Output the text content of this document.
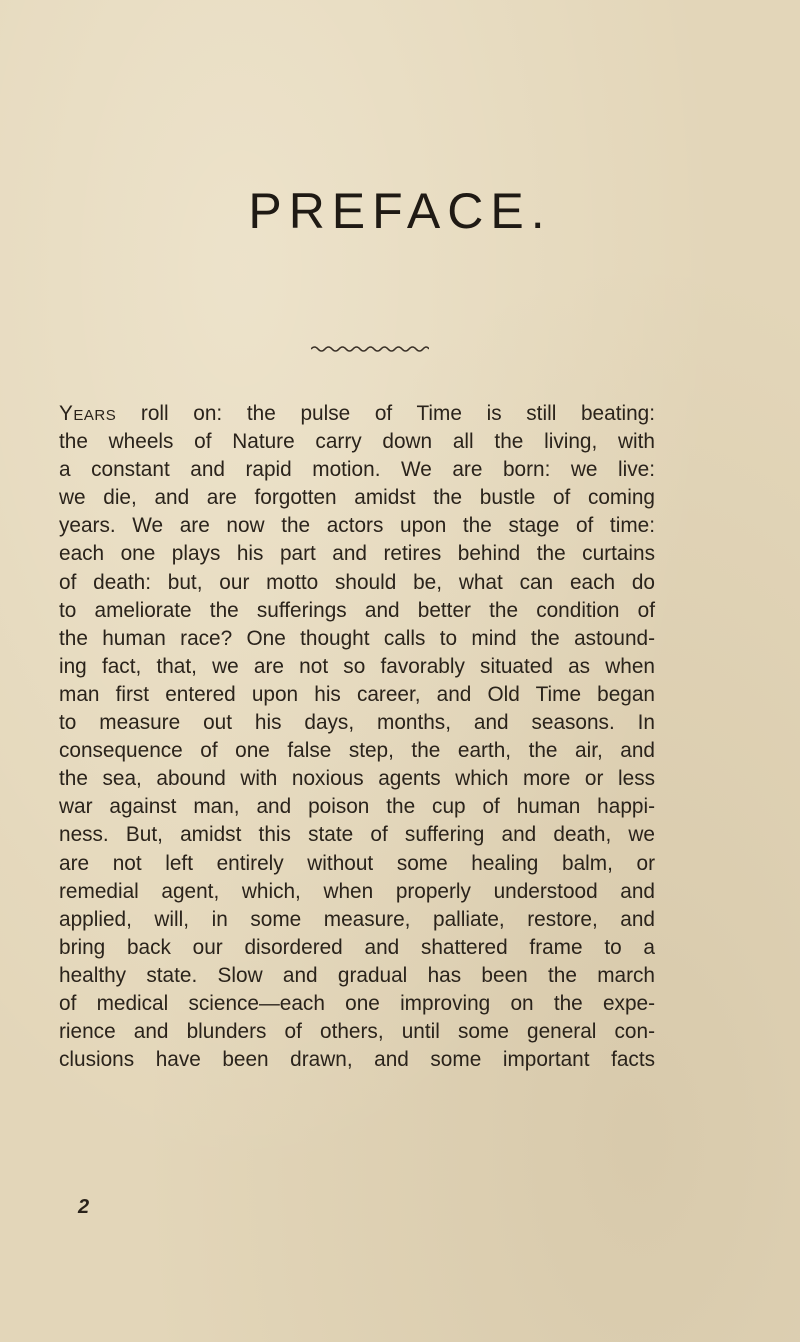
PREFACE.
Years roll on: the pulse of Time is still beating:
the wheels of Nature carry down all the living, with
a constant and rapid motion. We are born: we live:
we die, and are forgotten amidst the bustle of coming
years. We are now the actors upon the stage of time:
each one plays his part and retires behind the curtains
of death: but, our motto should be, what can each do
to ameliorate the sufferings and better the condition of
the human race? One thought calls to mind the astound-
ing fact, that, we are not so favorably situated as when
man first entered upon his career, and Old Time began
to measure out his days, months, and seasons. In
consequence of one false step, the earth, the air, and
the sea, abound with noxious agents which more or less
war against man, and poison the cup of human happi-
ness. But, amidst this state of suffering and death, we
are not left entirely without some healing balm, or
remedial agent, which, when properly understood and
applied, will, in some measure, palliate, restore, and
bring back our disordered and shattered frame to a
healthy state. Slow and gradual has been the march
of medical science—each one improving on the expe-
rience and blunders of others, until some general con-
clusions have been drawn, and some important facts
2
